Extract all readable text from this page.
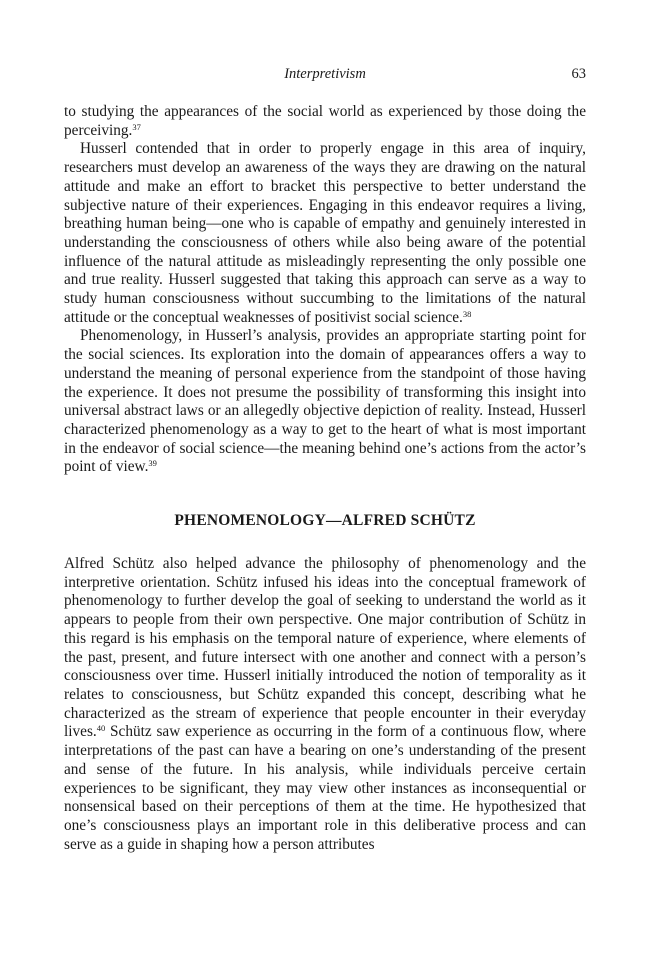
Interpretivism	63

to studying the appearances of the social world as experienced by those doing the perceiving.$^{37}$

Husserl contended that in order to properly engage in this area of inquiry, researchers must develop an awareness of the ways they are drawing on the natural attitude and make an effort to bracket this perspective to better understand the subjective nature of their experiences. Engaging in this endeavor requires a living, breathing human being—one who is capable of empathy and genuinely interested in understanding the consciousness of others while also being aware of the potential influence of the natural attitude as misleadingly representing the only possible one and true reality. Husserl suggested that taking this approach can serve as a way to study human consciousness without succumbing to the limitations of the natural attitude or the conceptual weaknesses of positivist social science.$^{38}$

Phenomenology, in Husserl’s analysis, provides an appropriate starting point for the social sciences. Its exploration into the domain of appearances offers a way to understand the meaning of personal experience from the standpoint of those having the experience. It does not presume the possibility of transforming this insight into universal abstract laws or an allegedly objective depiction of reality. Instead, Husserl characterized phenomenology as a way to get to the heart of what is most important in the endeavor of social science—the meaning behind one’s actions from the actor’s point of view.$^{39}$

PHENOMENOLOGY—ALFRED SCHÜTZ

Alfred Schütz also helped advance the philosophy of phenomenology and the interpretive orientation. Schütz infused his ideas into the conceptual framework of phenomenology to further develop the goal of seeking to understand the world as it appears to people from their own perspective. One major contribution of Schütz in this regard is his emphasis on the temporal nature of experience, where elements of the past, present, and future intersect with one another and connect with a person’s consciousness over time. Husserl initially introduced the notion of temporality as it relates to consciousness, but Schütz expanded this concept, describing what he characterized as the stream of experience that people encounter in their everyday lives.$^{40}$ Schütz saw experience as occurring in the form of a continuous flow, where interpretations of the past can have a bearing on one’s understanding of the present and sense of the future. In his analysis, while individuals perceive certain experiences to be significant, they may view other instances as inconsequential or nonsensical based on their perceptions of them at the time. He hypothesized that one’s consciousness plays an important role in this deliberative process and can serve as a guide in shaping how a person attributes
